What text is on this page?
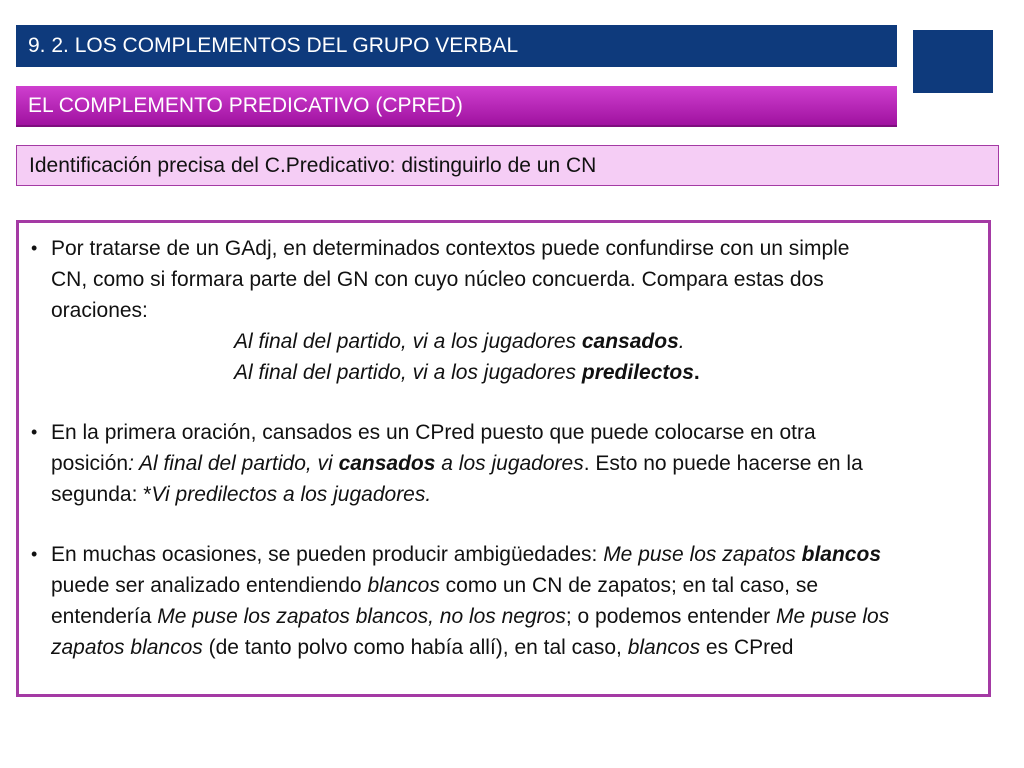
9. 2. LOS COMPLEMENTOS DEL GRUPO VERBAL
EL COMPLEMENTO PREDICATIVO (CPRED)
Identificación precisa del C.Predicativo: distinguirlo de un CN
• Por tratarse de un GAdj, en determinados contextos puede confundirse con un simple
CN, como si formara parte del GN con cuyo núcleo concuerda. Compara estas dos
oraciones:
Al final del partido, vi a los jugadores cansados.
Al final del partido, vi a los jugadores predilectos.
• En la primera oración, cansados es un CPred puesto que puede colocarse en otra
posición: Al final del partido, vi cansados a los jugadores. Esto no puede hacerse en la
segunda: *Vi predilectos a los jugadores.
• En muchas ocasiones, se pueden producir ambigüedades: Me puse los zapatos blancos
puede ser analizado entendiendo blancos como un CN de zapatos; en tal caso, se
entendería Me puse los zapatos blancos, no los negros; o podemos entender Me puse los
zapatos blancos (de tanto polvo como había allí), en tal caso, blancos es CPred
